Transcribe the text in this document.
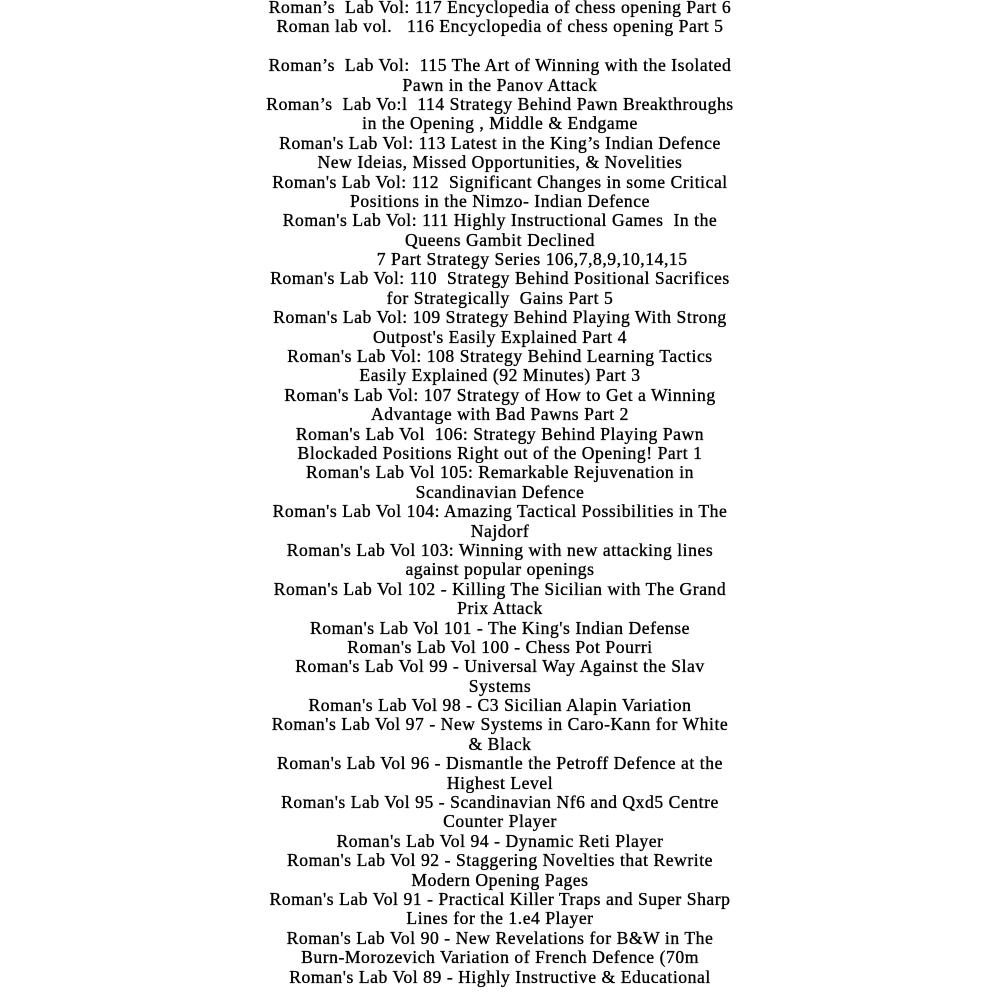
Roman’s  Lab Vol: 117 Encyclopedia of chess opening Part 6
Roman lab vol.   116 Encyclopedia of chess opening Part 5
Roman’s  Lab Vol:  115 The Art of Winning with the Isolated
Pawn in the Panov Attack
Roman’s  Lab Vo:l  114 Strategy Behind Pawn Breakthroughs
in the Opening , Middle & Endgame
Roman's Lab Vol: 113 Latest in the King’s Indian Defence
New Ideias, Missed Opportunities, & Novelities
Roman's Lab Vol: 112  Significant Changes in some Critical
Positions in the Nimzo- Indian Defence
Roman's Lab Vol: 111 Highly Instructional Games  In the
Queens Gambit Declined
7 Part Strategy Series 106,7,8,9,10,14,15
Roman's Lab Vol: 110  Strategy Behind Positional Sacrifices
for Strategically  Gains Part 5
Roman's Lab Vol: 109 Strategy Behind Playing With Strong
Outpost's Easily Explained Part 4
Roman's Lab Vol: 108 Strategy Behind Learning Tactics
Easily Explained (92 Minutes) Part 3
Roman's Lab Vol: 107 Strategy of How to Get a Winning
Advantage with Bad Pawns Part 2
Roman's Lab Vol  106: Strategy Behind Playing Pawn
Blockaded Positions Right out of the Opening! Part 1
Roman's Lab Vol 105: Remarkable Rejuvenation in
Scandinavian Defence
Roman's Lab Vol 104: Amazing Tactical Possibilities in The
Najdorf
Roman's Lab Vol 103: Winning with new attacking lines
against popular openings
Roman's Lab Vol 102 - Killing The Sicilian with The Grand
Prix Attack
Roman's Lab Vol 101 - The King's Indian Defense
Roman's Lab Vol 100 - Chess Pot Pourri
Roman's Lab Vol 99 - Universal Way Against the Slav
Systems
Roman's Lab Vol 98 - C3 Sicilian Alapin Variation
Roman's Lab Vol 97 - New Systems in Caro-Kann for White
& Black
Roman's Lab Vol 96 - Dismantle the Petroff Defence at the
Highest Level
Roman's Lab Vol 95 - Scandinavian Nf6 and Qxd5 Centre
Counter Player
Roman's Lab Vol 94 - Dynamic Reti Player
Roman's Lab Vol 92 - Staggering Novelties that Rewrite
Modern Opening Pages
Roman's Lab Vol 91 - Practical Killer Traps and Super Sharp
Lines for the 1.e4 Player
Roman's Lab Vol 90 - New Revelations for B&W in The
Burn-Morozevich Variation of French Defence (70m
Roman's Lab Vol 89 - Highly Instructive & Educational
